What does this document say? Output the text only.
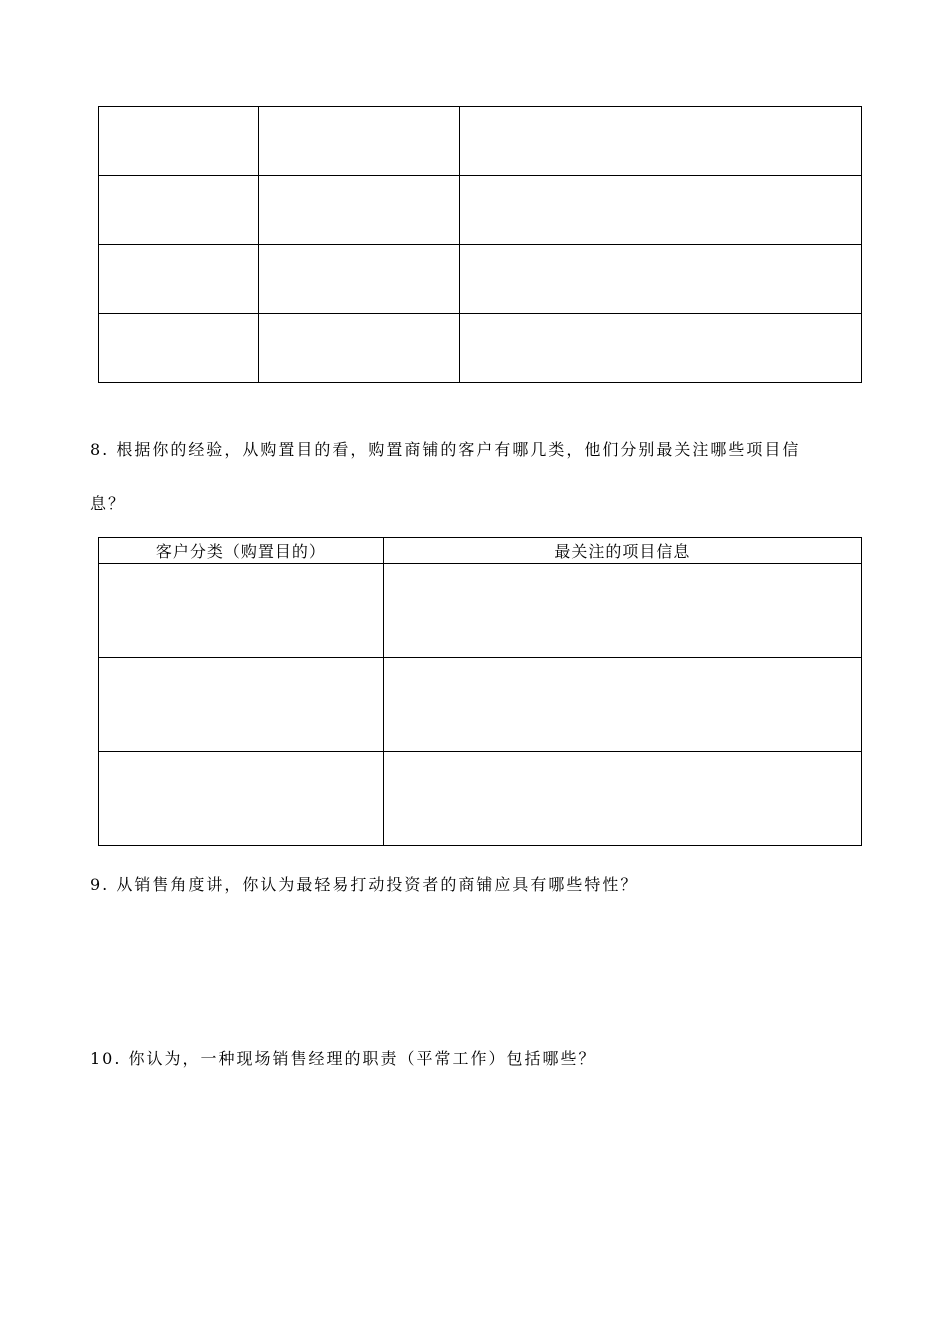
8. 根据你的经验，从购置目的看，购置商铺的客户有哪几类，他们分别最关注哪些项目信
息？
客户分类（购置目的）	最关注的项目信息

9. 从销售角度讲，你认为最轻易打动投资者的商铺应具有哪些特性？
10. 你认为，一种现场销售经理的职责（平常工作）包括哪些？
